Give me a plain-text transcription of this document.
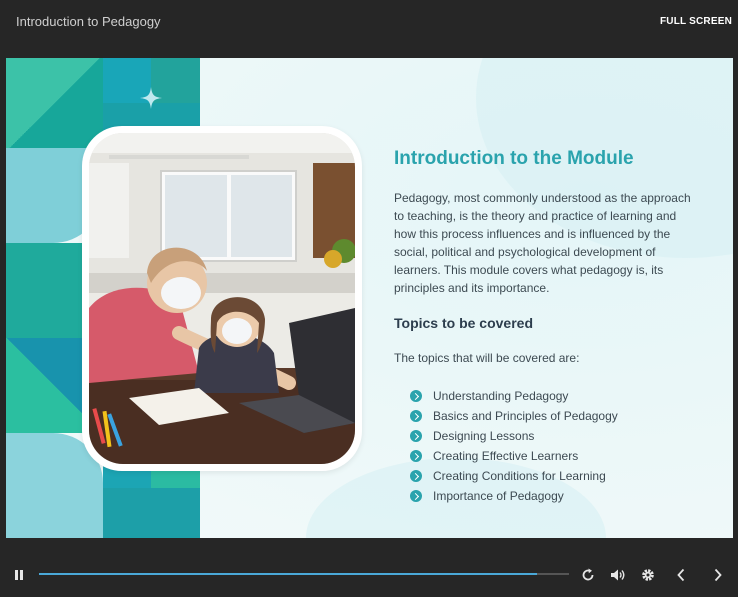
Introduction to Pedagogy	FULL SCREEN
Introduction to the Module
Pedagogy, most commonly understood as the approach to teaching, is the theory and practice of learning and how this process influences and is influenced by the social, political and psychological development of learners. This module covers what pedagogy is, its principles and its importance.
Topics to be covered
The topics that will be covered are:
Understanding Pedagogy
Basics and Principles of Pedagogy
Designing Lessons
Creating Effective Learners
Creating Conditions for Learning
Importance of Pedagogy
